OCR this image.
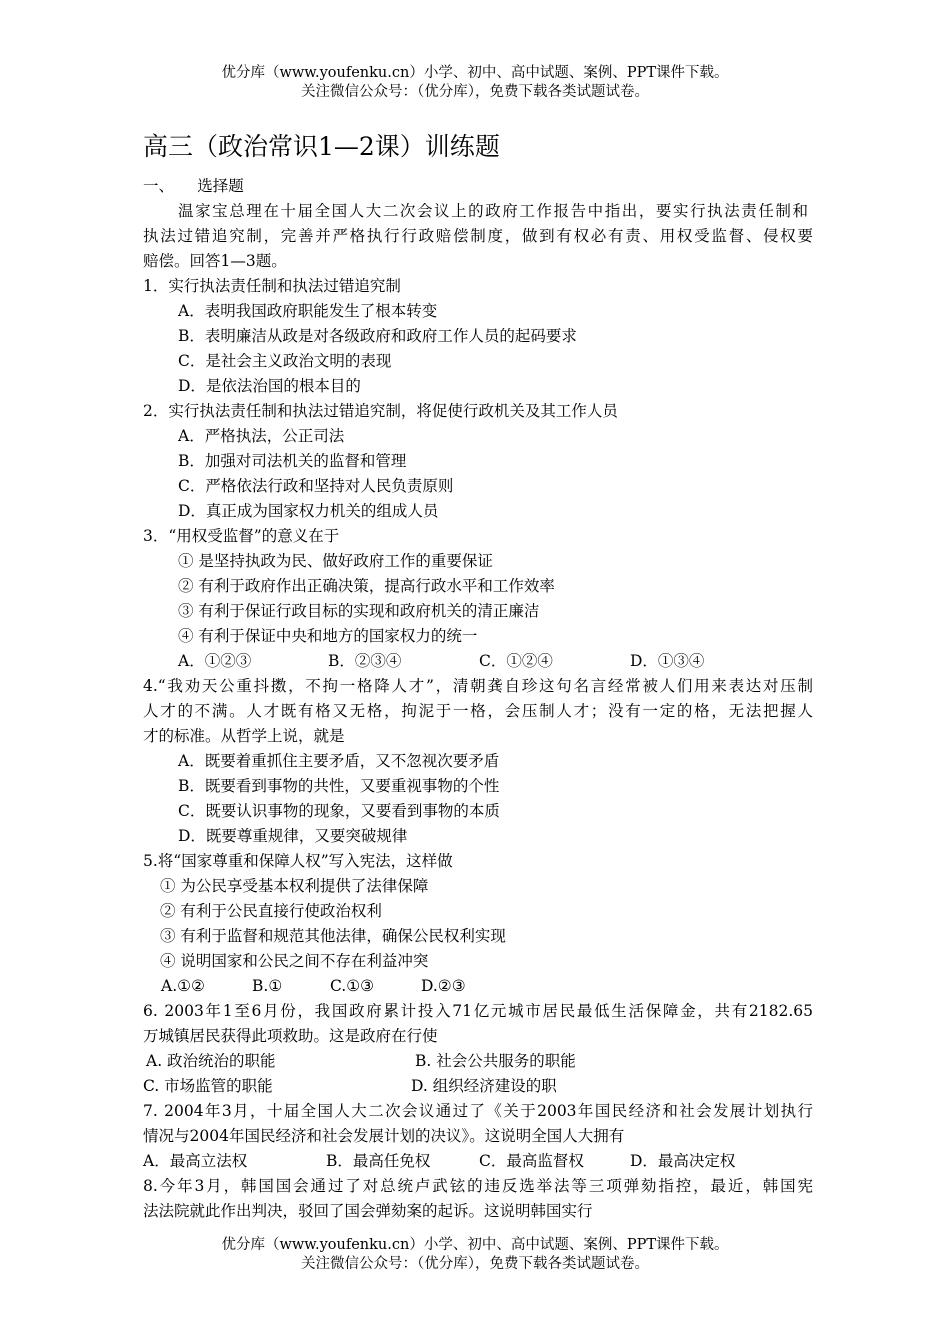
优分库（www.youfenku.cn）小学、初中、高中试题、案例、PPT课件下载。
关注微信公众号：（优分库），免费下载各类试题试卷。
高三（政治常识1—2课）训练题
一、　　选择题
温家宝总理在十届全国人大二次会议上的政府工作报告中指出，要实行执法责任制和
执法过错追究制，完善并严格执行行政赔偿制度，做到有权必有责、用权受监督、侵权要
赔偿。回答1—3题。
1．实行执法责任制和执法过错追究制
A．表明我国政府职能发生了根本转变
B．表明廉洁从政是对各级政府和政府工作人员的起码要求
C．是社会主义政治文明的表现
D．是依法治国的根本目的
2．实行执法责任制和执法过错追究制，将促使行政机关及其工作人员
A．严格执法，公正司法
B．加强对司法机关的监督和管理
C．严格依法行政和坚持对人民负责原则
D．真正成为国家权力机关的组成人员
3．“用权受监督”的意义在于
① 是坚持执政为民、做好政府工作的重要保证
② 有利于政府作出正确决策，提高行政水平和工作效率
③ 有利于保证行政目标的实现和政府机关的清正廉洁
④ 有利于保证中央和地方的国家权力的统一
A．①②③	B．②③④	C．①②④	D．①③④
4.“我劝天公重抖擞，不拘一格降人才”，清朝龚自珍这句名言经常被人们用来表达对压制
人才的不满。人才既有格又无格，拘泥于一格，会压制人才；没有一定的格，无法把握人
才的标准。从哲学上说，就是
A．既要着重抓住主要矛盾，又不忽视次要矛盾
B．既要看到事物的共性，又要重视事物的个性
C．既要认识事物的现象，又要看到事物的本质
D．既要尊重规律，又要突破规律
5.将“国家尊重和保障人权”写入宪法，这样做
① 为公民享受基本权利提供了法律保障
② 有利于公民直接行使政治权利
③ 有利于监督和规范其他法律，确保公民权利实现
④ 说明国家和公民之间不存在利益冲突
A.①②	B.①	C.①③	D.②③
6. 2003年1至6月份，我国政府累计投入71亿元城市居民最低生活保障金，共有2182.65
万城镇居民获得此项救助。这是政府在行使
A. 政治统治的职能	B. 社会公共服务的职能
C. 市场监管的职能	D. 组织经济建设的职
7. 2004年3月，十届全国人大二次会议通过了《关于2003年国民经济和社会发展计划执行
情况与2004年国民经济和社会发展计划的决议》。这说明全国人大拥有
A．最高立法权	B．最高任免权	C．最高监督权	D．最高决定权
8.今年3月，韩国国会通过了对总统卢武铉的违反选举法等三项弹劾指控，最近，韩国宪
法法院就此作出判决，驳回了国会弹劾案的起诉。这说明韩国实行
优分库（www.youfenku.cn）小学、初中、高中试题、案例、PPT课件下载。
关注微信公众号：（优分库），免费下载各类试题试卷。
